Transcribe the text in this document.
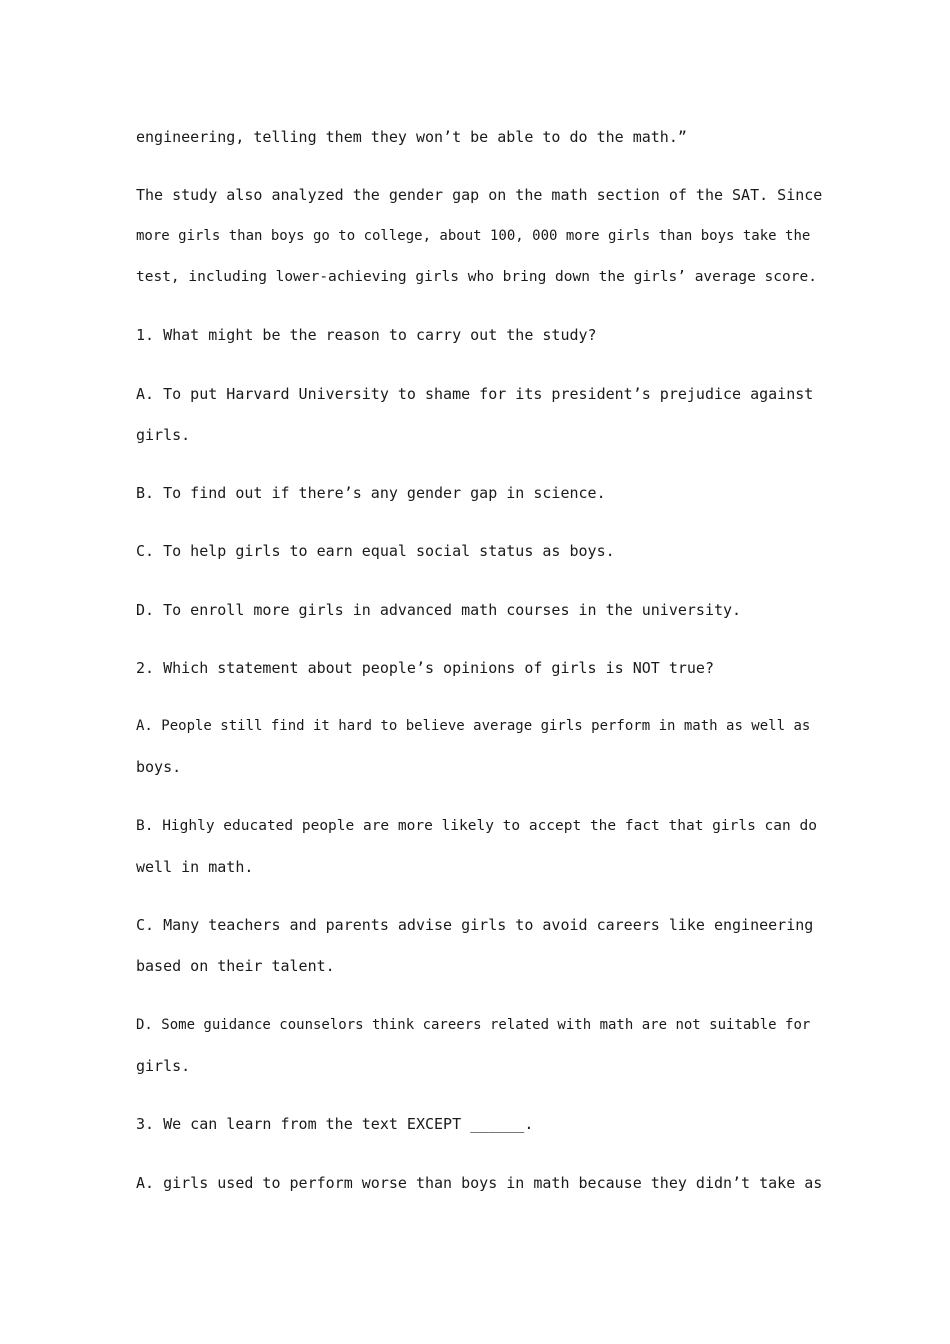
engineering, telling them they won’t be able to do the math.”
The study also analyzed the gender gap on the math section of the SAT. Since
more girls than boys go to college, about 100, 000 more girls than boys take the
test, including lower-achieving girls who bring down the girls’ average score.
1. What might be the reason to carry out the study?
A. To put Harvard University to shame for its president’s prejudice against
girls.
B. To find out if there’s any gender gap in science.
C. To help girls to earn equal social status as boys.
D. To enroll more girls in advanced math courses in the university.
2. Which statement about people’s opinions of girls is NOT true?
A. People still find it hard to believe average girls perform in math as well as
boys.
B. Highly educated people are more likely to accept the fact that girls can do
well in math.
C. Many teachers and parents advise girls to avoid careers like engineering
based on their talent.
D. Some guidance counselors think careers related with math are not suitable for
girls.
3. We can learn from the text EXCEPT ______.
A. girls used to perform worse than boys in math because they didn’t take as
